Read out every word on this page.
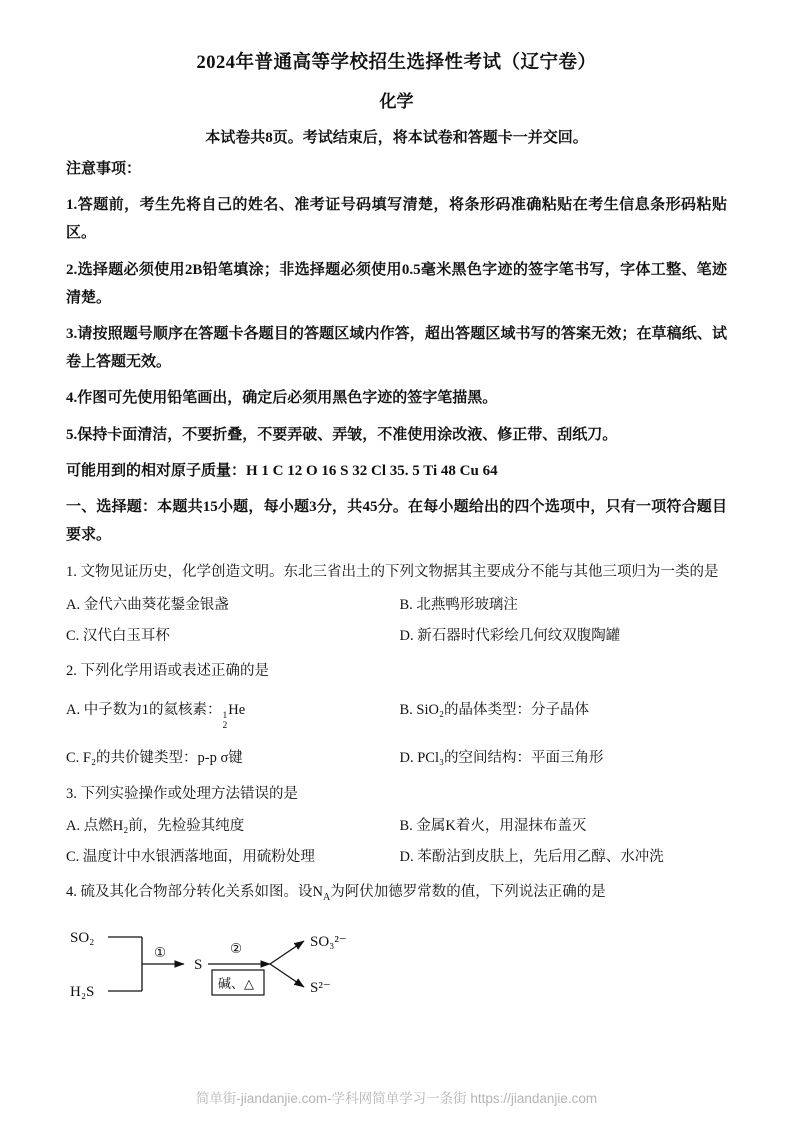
2024年普通高等学校招生选择性考试（辽宁卷）
化学

本试卷共8页。考试结束后，将本试卷和答题卡一并交回。

注意事项：

1.答题前，考生先将自己的姓名、准考证号码填写清楚，将条形码准确粘贴在考生信息条形码粘贴区。

2.选择题必须使用2B铅笔填涂；非选择题必须使用0.5毫米黑色字迹的签字笔书写，字体工整、笔迹清楚。

3.请按照题号顺序在答题卡各题目的答题区域内作答，超出答题区域书写的答案无效；在草稿纸、试卷上答题无效。

4.作图可先使用铅笔画出，确定后必须用黑色字迹的签字笔描黑。

5.保持卡面清洁，不要折叠，不要弄破、弄皱，不准使用涂改液、修正带、刮纸刀。

可能用到的相对原子质量：H 1 C 12 O 16 S 32 Cl 35. 5 Ti 48 Cu 64

一、选择题：本题共15小题，每小题3分，共45分。在每小题给出的四个选项中，只有一项符合题目要求。

1. 文物见证历史，化学创造文明。东北三省出土的下列文物据其主要成分不能与其他三项归为一类的是

A. 金代六曲葵花鋬金银盏	B. 北燕鸭形玻璃注
C. 汉代白玉耳杯	D. 新石器时代彩绘几何纹双腹陶罐

2. 下列化学用语或表述正确的是

A. 中子数为1的氦核素： 1
2
He	B. SiO₂的晶体类型：分子晶体
C. F₂的共价键类型：p-p σ键	D. PCl₃的空间结构：平面三角形

3. 下列实验操作或处理方法错误的是

A. 点燃H₂前，先检验其纯度	B. 金属K着火，用湿抹布盖灭
C. 温度计中水银洒落地面，用硫粉处理	D. 苯酚沾到皮肤上，先后用乙醇、水冲洗

4. 硫及其化合物部分转化关系如图。设$N_A$为阿伏加德罗常数的值，下列说法正确的是

SO₂
H₂S
①
S
②
碱、△
SO₃²⁻
S²⁻
简单街-jiandanjie.com-学科网简单学习一条街 https://jiandanjie.com
